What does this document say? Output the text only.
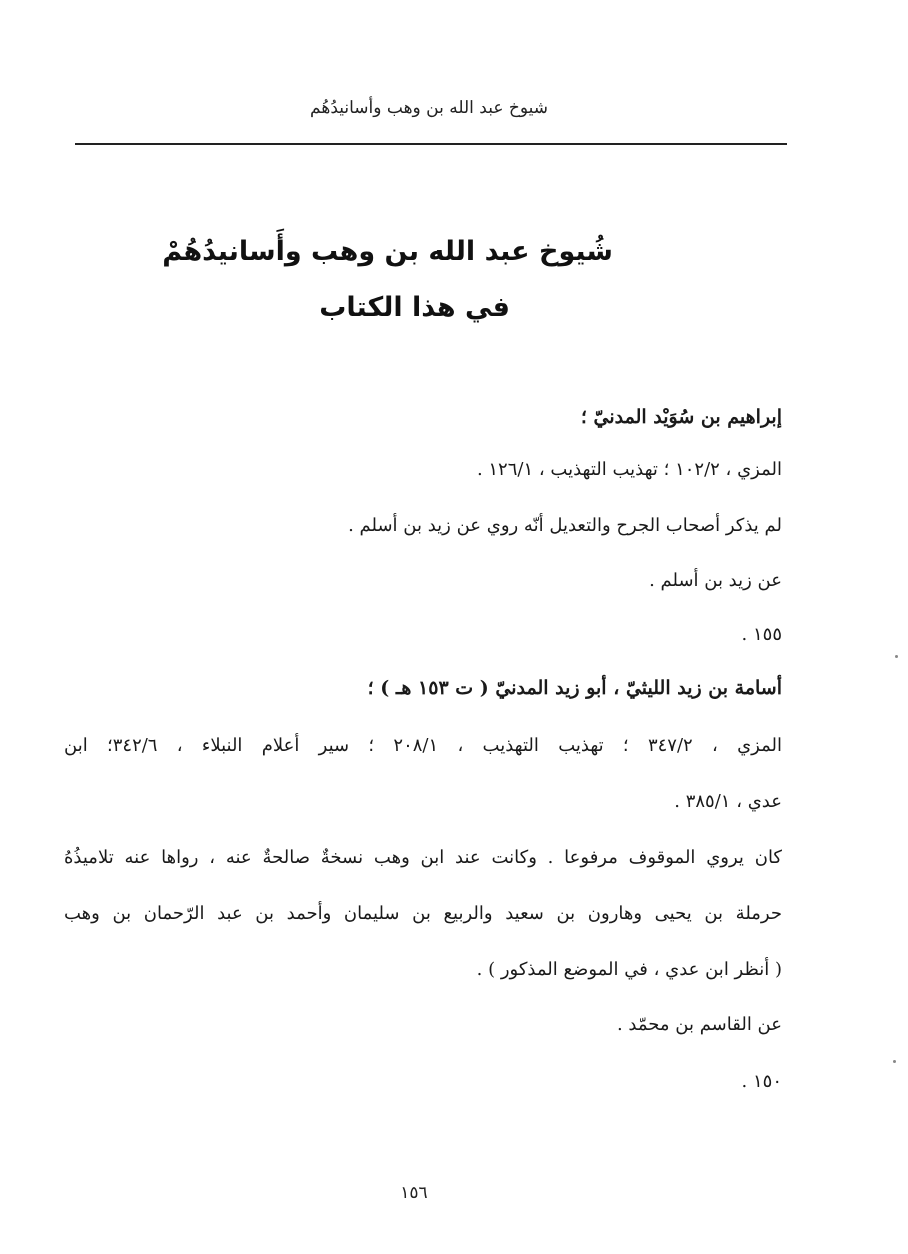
شيوخ عبد الله بن وهب وأسانيدُهُم
شُيوخ عبد الله بن وهب وأَسانيدُهُمْ
في هذا الكتاب
إبراهيم بن سُوَيْد المدنيّ ؛
المزي ، ١٠٢/٢ ؛ تهذيب التهذيب ، ١٢٦/١ .
لم يذكر أصحاب الجرح والتعديل أنّه روي عن زيد بن أسلم .
عن زيد بن أسلم .
١٥٥ .
أسامة بن زيد الليثيّ ، أبو زيد المدنيّ ( ت ١٥٣ هـ ) ؛
المزي ، ٣٤٧/٢ ؛ تهذيب التهذيب ، ٢٠٨/١ ؛ سير أعلام النبلاء ، ٣٤٢/٦؛ ابن
عدي ، ٣٨٥/١ .
كان يروي الموقوف مرفوعا . وكانت عند ابن وهب نسخةٌ صالحةٌ عنه ، رواها عنه تلاميذُهُ
حرملة بن يحيى وهارون بن سعيد والربيع بن سليمان وأحمد بن عبد الرّحمان بن وهب
( أنظر ابن عدي ، في الموضع المذكور ) .
عن القاسم بن محمّد .
١٥٠ .
١٥٦
